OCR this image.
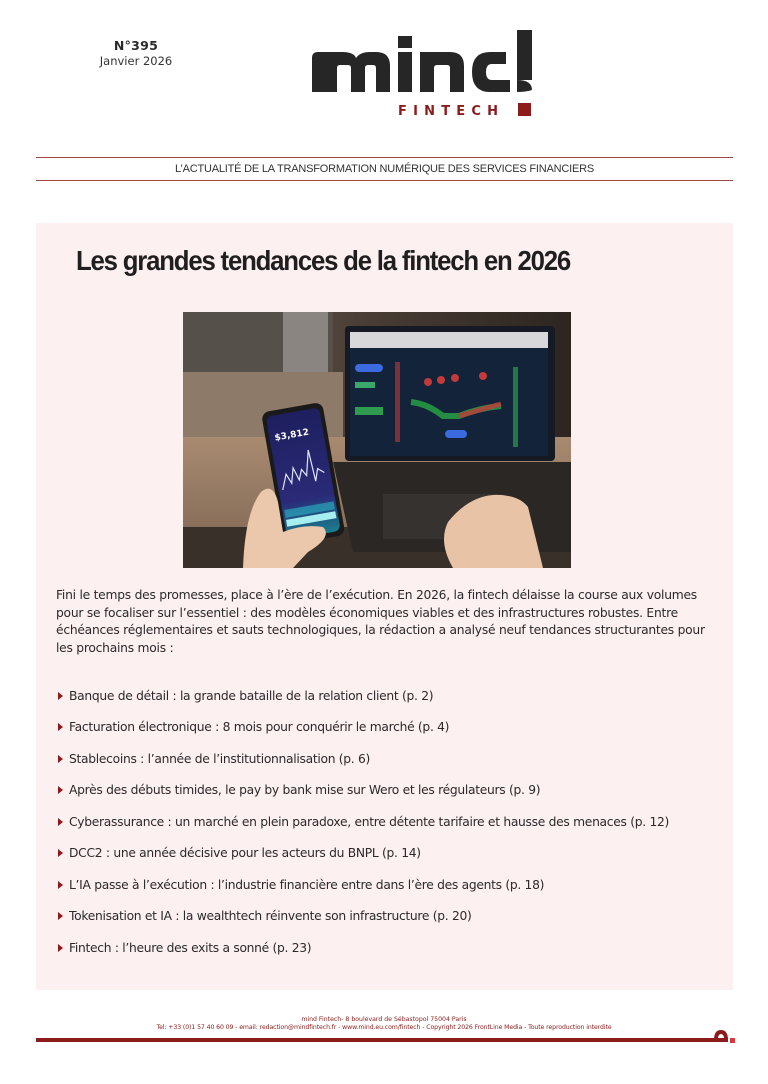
N°395
Janvier 2026
FINTECH
L’ACTUALITÉ DE LA TRANSFORMATION NUMÉRIQUE DES SERVICES FINANCIERS
Les grandes tendances de la fintech en 2026
$3,812
Fini le temps des promesses, place à l’ère de l’exécution. En 2026, la fintech délaisse la course aux volumes pour se focaliser sur l’essentiel : des modèles économiques viables et des infrastructures robustes. Entre échéances réglementaires et sauts technologiques, la rédaction a analysé neuf tendances structurantes pour les prochains mois :
Banque de détail : la grande bataille de la relation client (p. 2)
Facturation électronique : 8 mois pour conquérir le marché (p. 4)
Stablecoins : l’année de l’institutionnalisation (p. 6)
Après des débuts timides, le pay by bank mise sur Wero et les régulateurs (p. 9)
Cyberassurance : un marché en plein paradoxe, entre détente tarifaire et hausse des menaces (p. 12)
DCC2 : une année décisive pour les acteurs du BNPL (p. 14)
L’IA passe à l’exécution : l’industrie financière entre dans l’ère des agents (p. 18)
Tokenisation et IA : la wealthtech réinvente son infrastructure (p. 20)
Fintech : l’heure des exits a sonné (p. 23)
mind Fintech- 8 boulevard de Sébastopol 75004 Paris
Tel: +33 (0)1 57 40 60 09 - email: redaction@mindfintech.fr - www.mind.eu.com/fintech - Copyright 2026 FrontLine Media - Toute reproduction interdite
